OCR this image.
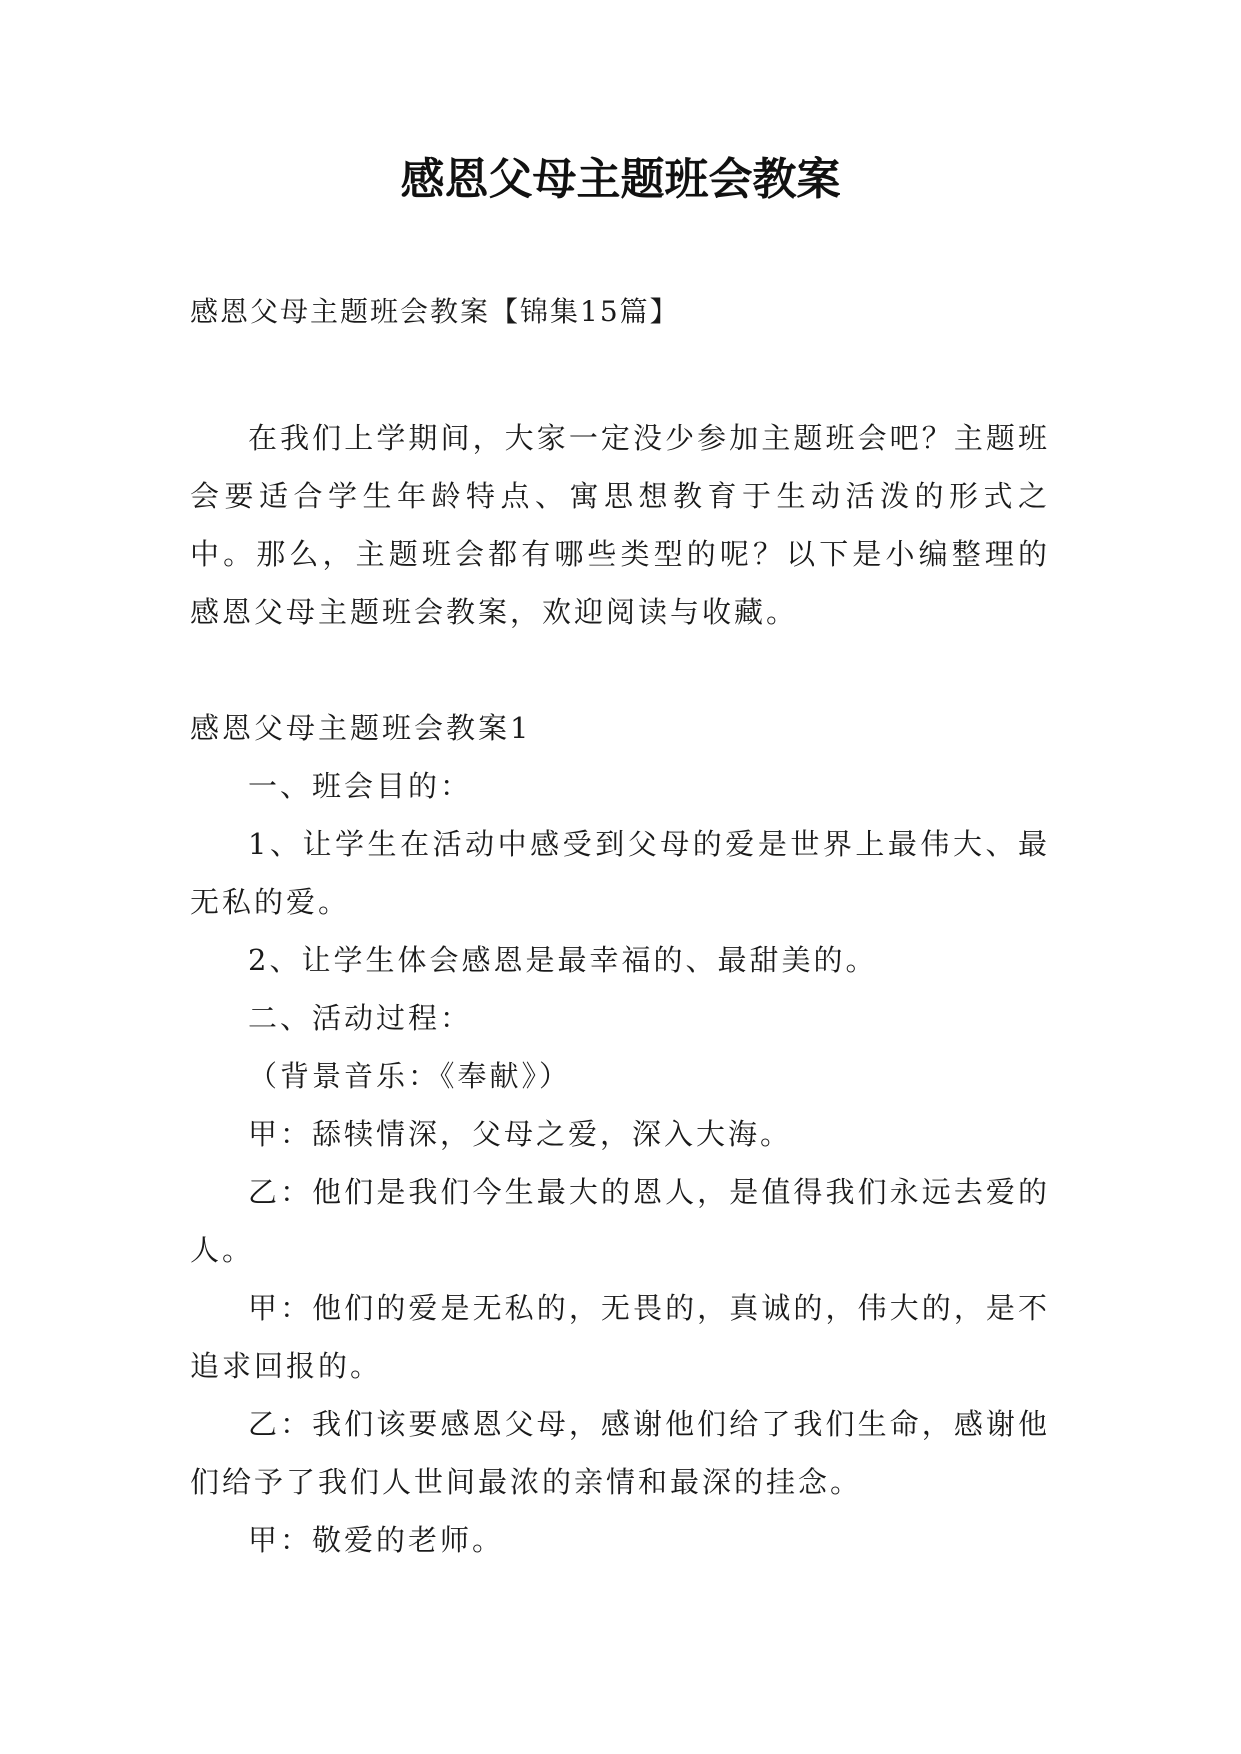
感恩父母主题班会教案
感恩父母主题班会教案【锦集15篇】

在我们上学期间，大家一定没少参加主题班会吧？主题班会要适合学生年龄特点、寓思想教育于生动活泼的形式之中。那么，主题班会都有哪些类型的呢？以下是小编整理的感恩父母主题班会教案，欢迎阅读与收藏。

感恩父母主题班会教案1

一、班会目的：

1、让学生在活动中感受到父母的爱是世界上最伟大、最无私的爱。

2、让学生体会感恩是最幸福的、最甜美的。

二、活动过程：

（背景音乐：《奉献》）

甲：舔犊情深，父母之爱，深入大海。

乙：他们是我们今生最大的恩人，是值得我们永远去爱的人。

甲：他们的爱是无私的，无畏的，真诚的，伟大的，是不追求回报的。

乙：我们该要感恩父母，感谢他们给了我们生命，感谢他们给予了我们人世间最浓的亲情和最深的挂念。

甲：敬爱的老师。
